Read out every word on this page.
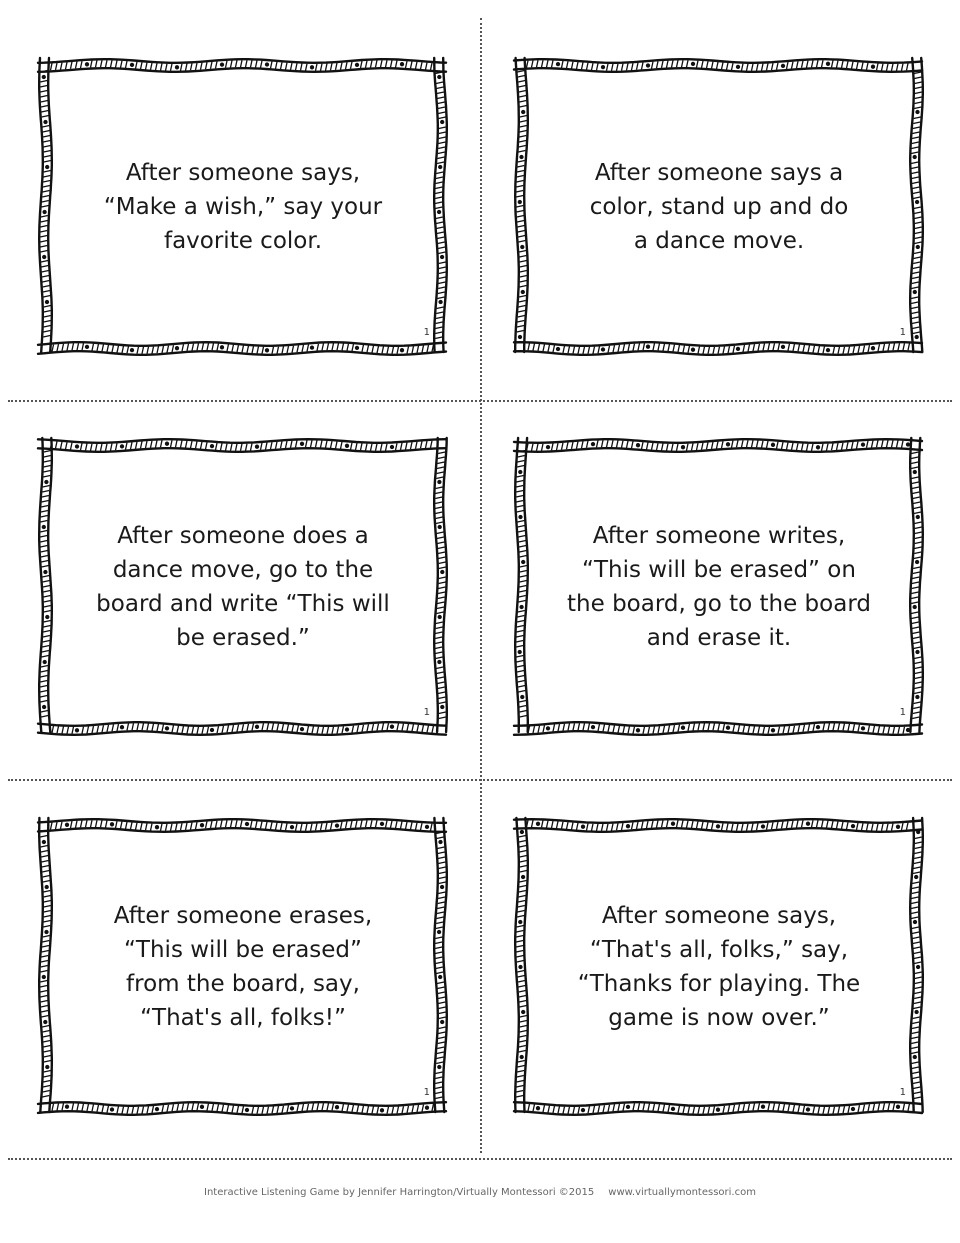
After someone says,
“Make a wish,” say your
favorite color.
1
After someone says a
color, stand up and do
a dance move.
1
After someone does a
dance move, go to the
board and write “This will
be erased.”
1
After someone writes,
“This will be erased” on
the board, go to the board
and erase it.
1
After someone erases,
“This will be erased”
from the board, say,
“That's all, folks!”
1
After someone says,
“That's all, folks,” say,
“Thanks for playing. The
game is now over.”
1
Interactive Listening Game by Jennifer Harrington/Virtually Montessori ©2015 www.virtuallymontessori.com
